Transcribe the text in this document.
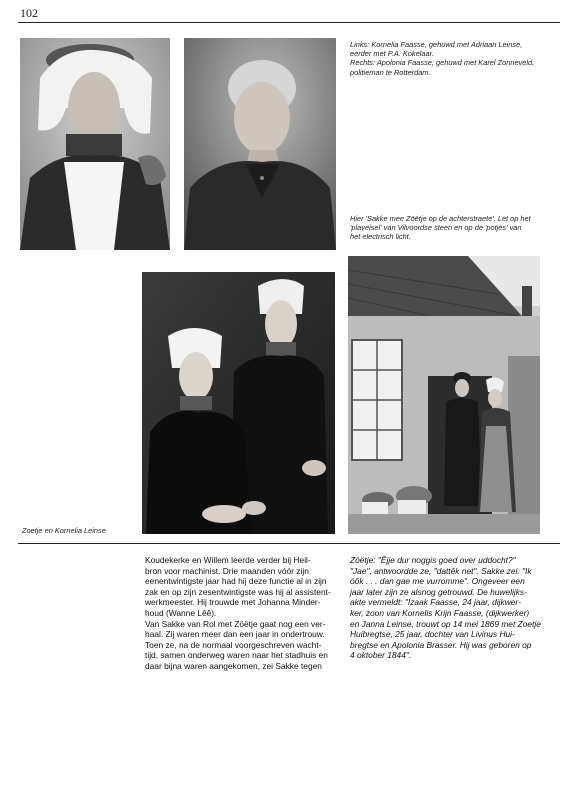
102
Links: Kornelia Faasse, gehuwd met Adriaan Leinse,
eerder met P.A. Kokelaar.
Rechts: Apolonia Faasse, gehuwd met Karel Zonneveld,
politieman te Rotterdam.
Hier 'Sakke mee Zöëtje op de achterstraete'. Let op het
'plaveisel' van Vilvoordse steen en op de 'potjes' van
het electrisch licht.
Zoetje en Kornelia Leinse
Koudekerke en Willem leerde verder bij Heil-
bron voor machinist. Drie maanden vóór zijn
eenentwintigste jaar had hij deze functie al in zijn
zak en op zijn zesentwintigste was hij al assistent-
werkmeester. Hij trouwde met Johanna Minder-
houd (Wanne Lêê).
Van Sakke van Rol met Zöëtje gaat nog een ver-
haal. Zij waren meer dan een jaar in ondertrouw.
Toen ze, na de normaal voorgeschreven wacht-
tijd, samen onderweg waren naar het stadhuis en
daar bijna waren aangekomen, zei Sakke tegen
Zöëtje: "Êjje dur noggis goed over uddocht?"
"Jae", antwoordde ze, "dattêk net". Sakke zei: "Ik
öôk . . . dan gae me vurromme". Ongeveer een
jaar later zijn ze alsnog getrouwd. De huwelijks-
akte vermeldt: "Izaak Faasse, 24 jaar, dijkwer-
ker, zoon van Kornelis Krijn Faasse, (dijkwerker)
en Janna Leinse, trouwt op 14 mei 1869 met Zoetje
Huibregtse, 25 jaar, dochter van Livinus Hui-
bregtse en Apolonia Brasser. Hij was geboren op
4 oktober 1844".
